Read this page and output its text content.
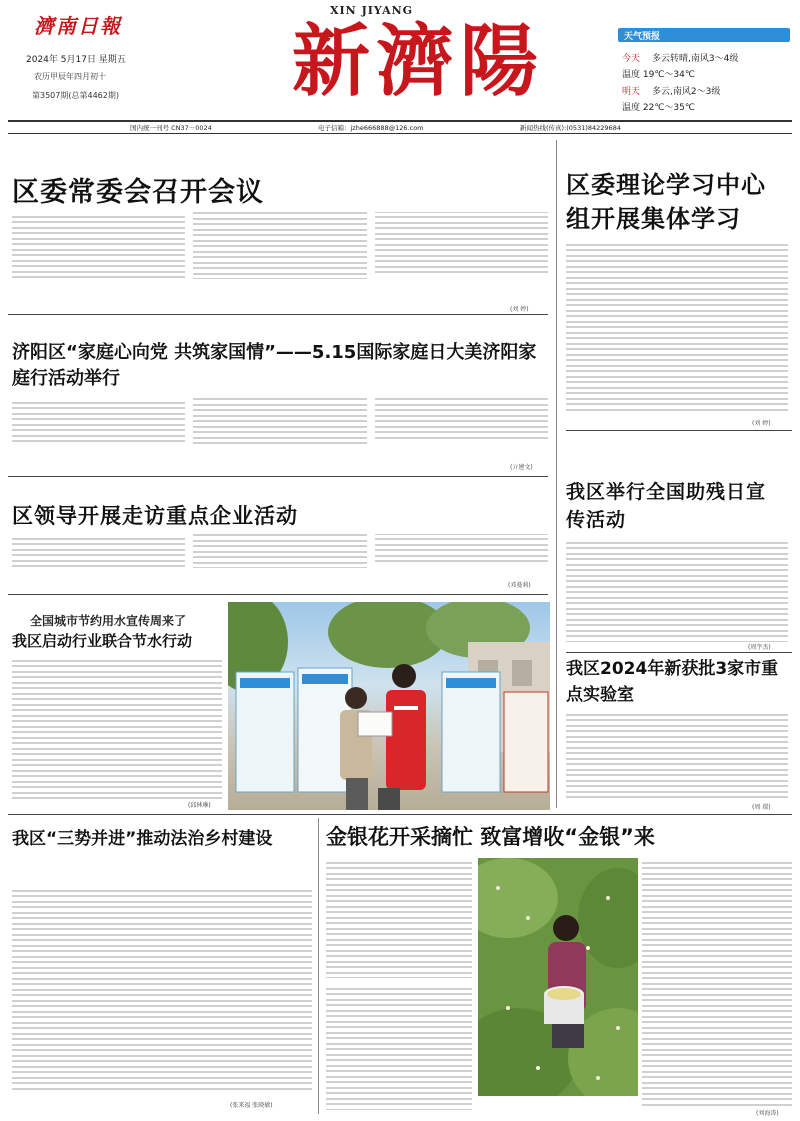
濟南日報
2024年 5月17日 星期五
农历甲辰年四月初十
第3507期(总第4462期)
XIN JIYANG
新濟陽	天气预报
今天 多云转晴,南风3～4级
温度 19℃～34℃
明天 多云,南风2～3级
温度 22℃～35℃
国内统一刊号 CN37－0024	电子信箱：jzhe666888@126.com	新闻热线(传真):(0531)84229684
区委常委会召开会议
(刘 婷)
区委理论学习中心组开展集体学习
(刘 婷)
济阳区“家庭心向党 共筑家国情”——5.15国际家庭日大美济阳家庭行活动举行
(亓建文)
我区举行全国助残日宣传活动
(周宇杰)
区领导开展走访重点企业活动
(邓曼莉)
全国城市节约用水宣传周来了
我区启动行业联合节水行动
(邱林琳)
我区2024年新获批3家市重点实验室
(周 璟)
我区“三势并进”推动法治乡村建设
(张来福 张晓敏)
金银花开采摘忙 致富增收“金银”来
(刘海涛)
